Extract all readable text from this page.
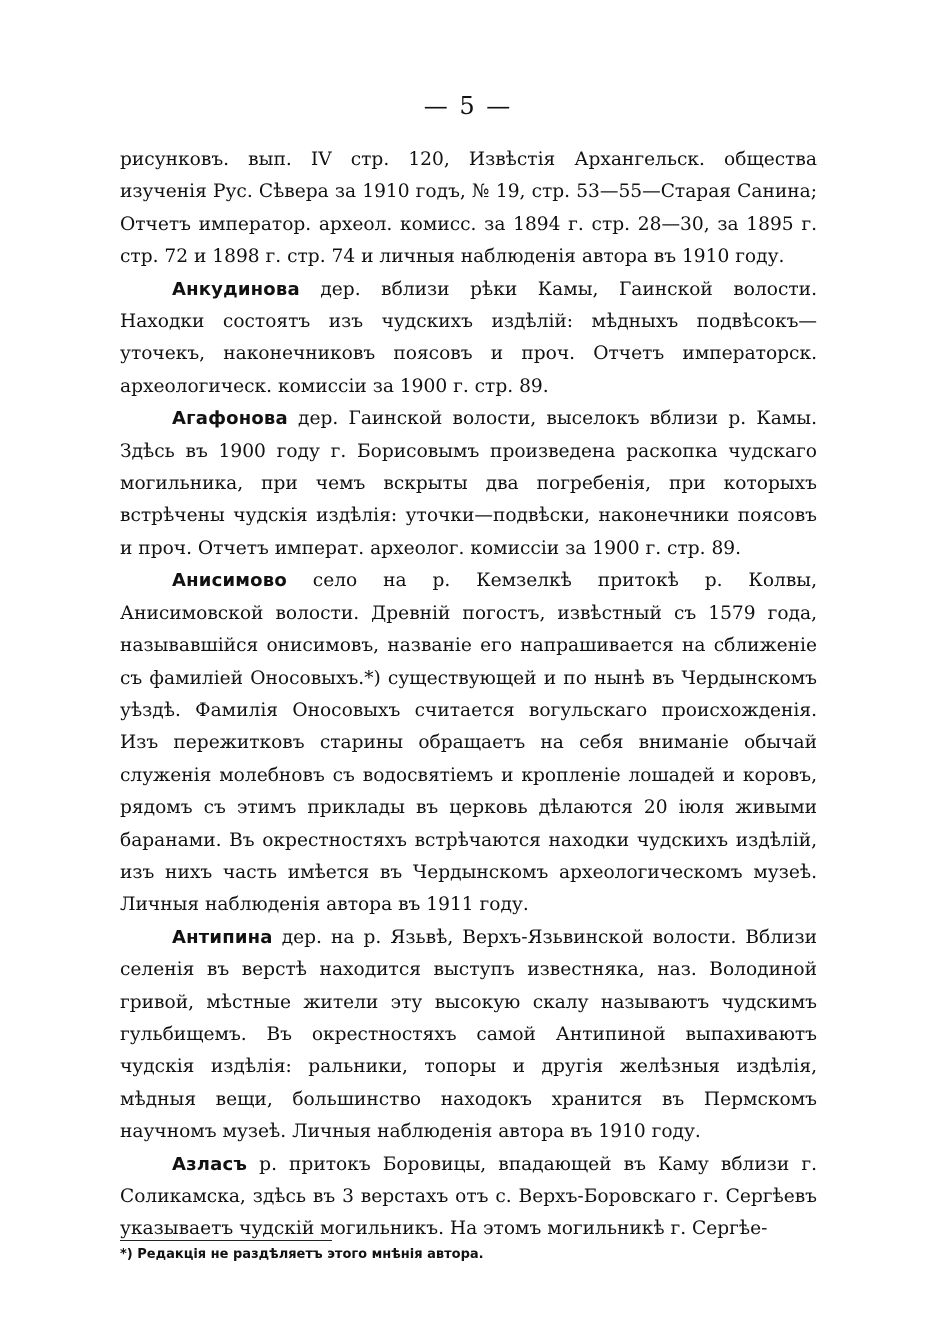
— 5 —

рисунковъ. вып. IV стр. 120, Извѣстія Архангельск. общества изученія Рус. Сѣвера за 1910 годъ, № 19, стр. 53—55—Старая Санина; Отчетъ император. археол. комисс. за 1894 г. стр. 28—30, за 1895 г. стр. 72 и 1898 г. стр. 74 и личныя наблюденія автора въ 1910 году.

Анкудинова дер. вблизи рѣки Камы, Гаинской волости. Находки состоятъ изъ чудскихъ издѣлій: мѣдныхъ подвѣсокъ—уточекъ, наконечниковъ поясовъ и проч. Отчетъ императорск. археологическ. комиссіи за 1900 г. стр. 89.

Агафонова дер. Гаинской волости, выселокъ вблизи р. Камы. Здѣсь въ 1900 году г. Борисовымъ произведена раскопка чудскаго могильника, при чемъ вскрыты два погребенія, при которыхъ встрѣчены чудскія издѣлія: уточки—подвѣски, наконечники поясовъ и проч. Отчетъ императ. археолог. комиссіи за 1900 г. стр. 89.

Анисимово село на р. Кемзелкѣ притокѣ р. Колвы, Анисимовской волости. Древній погостъ, извѣстный съ 1579 года, называвшійся онисимовъ, названіе его напрашивается на сближеніе съ фамиліей Оносовыхъ.*) существующей и по нынѣ въ Чердынскомъ уѣздѣ. Фамилія Оносовыхъ считается вогульскаго происхожденія. Изъ пережитковъ старины обращаетъ на себя вниманіе обычай служенія молебновъ съ водосвятіемъ и кропленіе лошадей и коровъ, рядомъ съ этимъ приклады въ церковь дѣлаются 20 іюля живыми баранами. Въ окрестностяхъ встрѣчаются находки чудскихъ издѣлій, изъ нихъ часть имѣется въ Чердынскомъ археологическомъ музеѣ. Личныя наблюденія автора въ 1911 году.

Антипина дер. на р. Язьвѣ, Верхъ-Язьвинской волости. Вблизи селенія въ верстѣ находится выступъ известняка, наз. Володиной гривой, мѣстные жители эту высокую скалу называютъ чудскимъ гульбищемъ. Въ окрестностяхъ самой Антипиной выпахиваютъ чудскія издѣлія: ральники, топоры и другія желѣзныя издѣлія, мѣдныя вещи, большинство находокъ хранится въ Пермскомъ научномъ музеѣ. Личныя наблюденія автора въ 1910 году.

Азласъ р. притокъ Боровицы, впадающей въ Каму вблизи г. Соликамска, здѣсь въ 3 верстахъ отъ с. Верхъ-Боровскаго г. Сергѣевъ указываетъ чудскій могильникъ. На этомъ могильникѣ г. Сергѣе-

*) Редакція не раздѣляетъ этого мнѣнія автора.
